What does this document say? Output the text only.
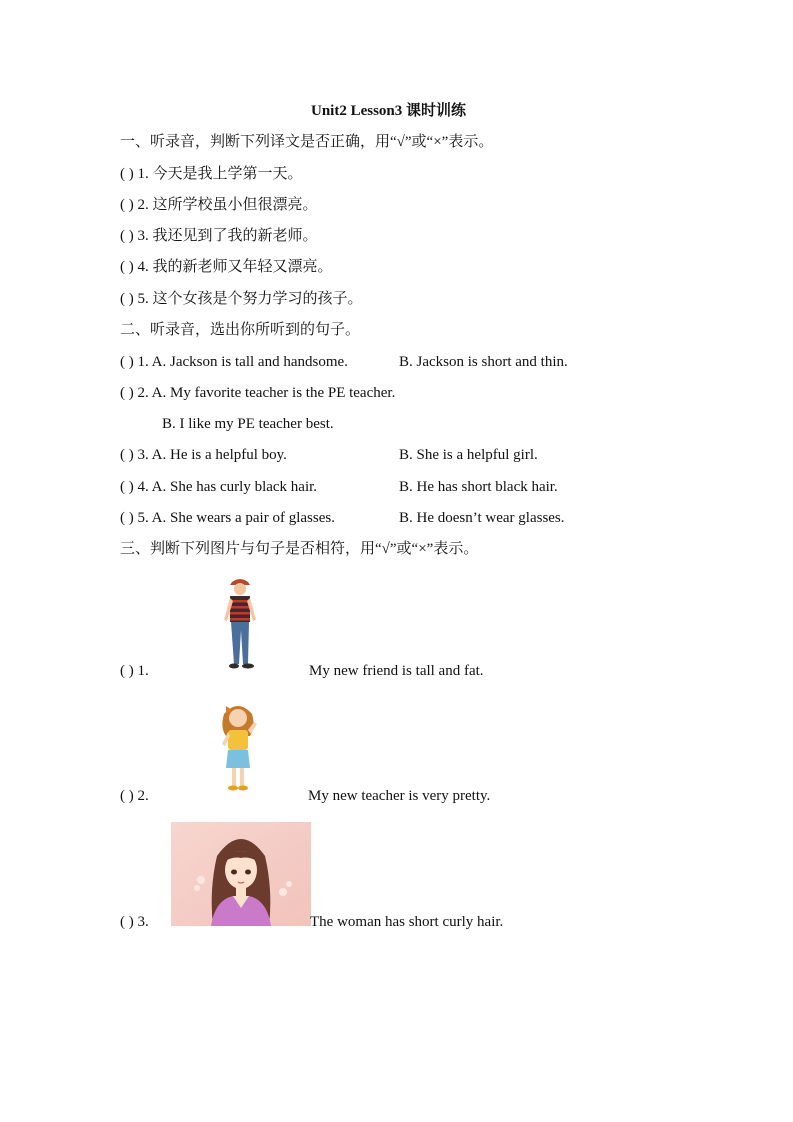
Unit2 Lesson3 课时训练
一、听录音，判断下列译文是否正确，用“√”或“×”表示。
( ) 1. 今天是我上学第一天。
( ) 2. 这所学校虽小但很漂亮。
( ) 3. 我还见到了我的新老师。
( ) 4. 我的新老师又年轻又漂亮。
( ) 5. 这个女孩是个努力学习的孩子。
二、听录音，选出你所听到的句子。
( ) 1. A. Jackson is tall and handsome.	B. Jackson is short and thin.
( ) 2. A. My favorite teacher is the PE teacher.
B. I like my PE teacher best.
( ) 3. A. He is a helpful boy.	B. She is a helpful girl.
( ) 4. A. She has curly black hair.	B. He has short black hair.
( ) 5. A. She wears a pair of glasses.	B. He doesn’t wear glasses.
三、判断下列图片与句子是否相符，用“√”或“×”表示。
( ) 1.	My new friend is tall and fat.
( ) 2.	My new teacher is very pretty.
( ) 3.	The woman has short curly hair.
